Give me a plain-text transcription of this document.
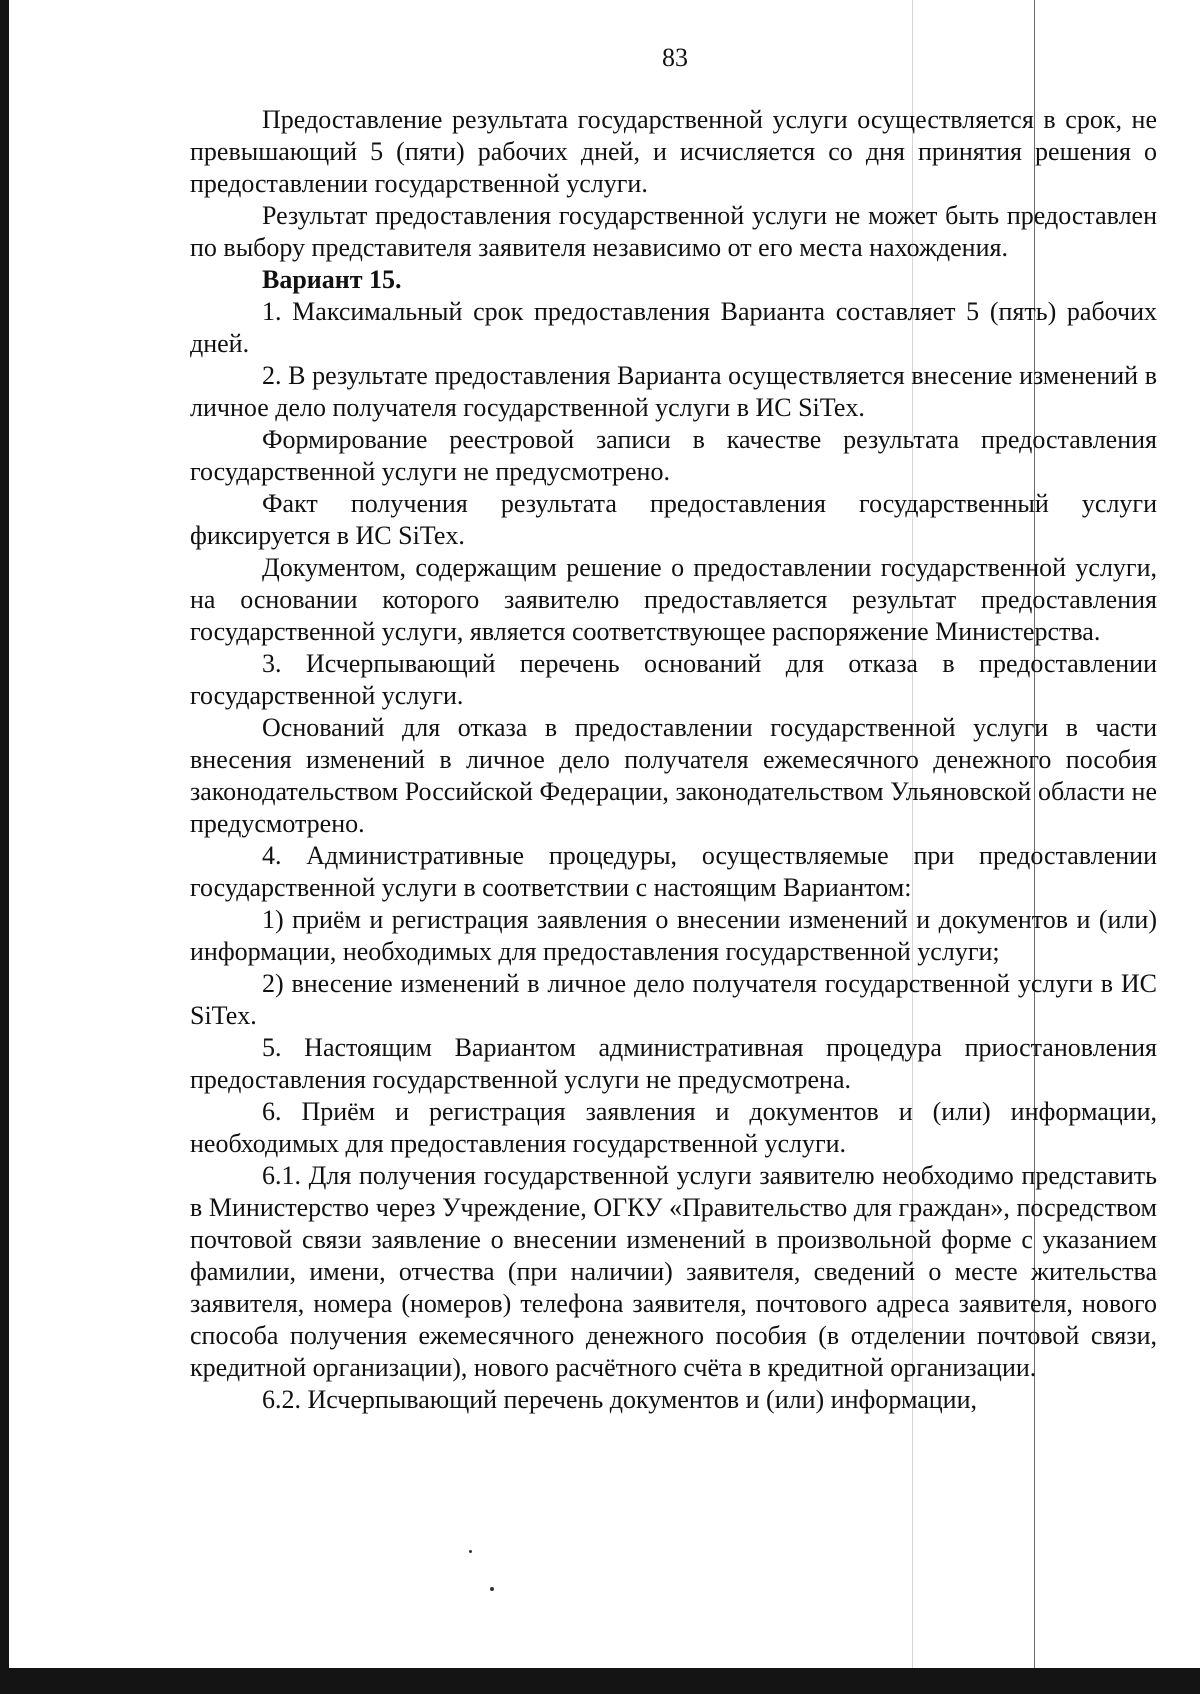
83

Предоставление результата государственной услуги осуществляется в срок, не превышающий 5 (пяти) рабочих дней, и исчисляется со дня принятия решения о предоставлении государственной услуги.

Результат предоставления государственной услуги не может быть предоставлен по выбору представителя заявителя независимо от его места нахождения.

Вариант 15.

1. Максимальный срок предоставления Варианта составляет 5 (пять) рабочих дней.

2. В результате предоставления Варианта осуществляется внесение изменений в личное дело получателя государственной услуги в ИС SiTex.

Формирование реестровой записи в качестве результата предоставления государственной услуги не предусмотрено.

Факт получения результата предоставления государственный услуги фиксируется в ИС SiTex.

Документом, содержащим решение о предоставлении государственной услуги, на основании которого заявителю предоставляется результат предоставления государственной услуги, является соответствующее распоряжение Министерства.

3. Исчерпывающий перечень оснований для отказа в предоставлении государственной услуги.

Оснований для отказа в предоставлении государственной услуги в части внесения изменений в личное дело получателя ежемесячного денежного пособия законодательством Российской Федерации, законодательством Ульяновской области не предусмотрено.

4. Административные процедуры, осуществляемые при предоставлении государственной услуги в соответствии с настоящим Вариантом:

1) приём и регистрация заявления о внесении изменений и документов и (или) информации, необходимых для предоставления государственной услуги;

2) внесение изменений в личное дело получателя государственной услуги в ИС SiTex.

5. Настоящим Вариантом административная процедура приостановления предоставления государственной услуги не предусмотрена.

6. Приём и регистрация заявления и документов и (или) информации, необходимых для предоставления государственной услуги.

6.1. Для получения государственной услуги заявителю необходимо представить в Министерство через Учреждение, ОГКУ «Правительство для граждан», посредством почтовой связи заявление о внесении изменений в произвольной форме с указанием фамилии, имени, отчества (при наличии) заявителя, сведений о месте жительства заявителя, номера (номеров) телефона заявителя, почтового адреса заявителя, нового способа получения ежемесячного денежного пособия (в отделении почтовой связи, кредитной организации), нового расчётного счёта в кредитной организации.

6.2. Исчерпывающий перечень документов и (или) информации,
